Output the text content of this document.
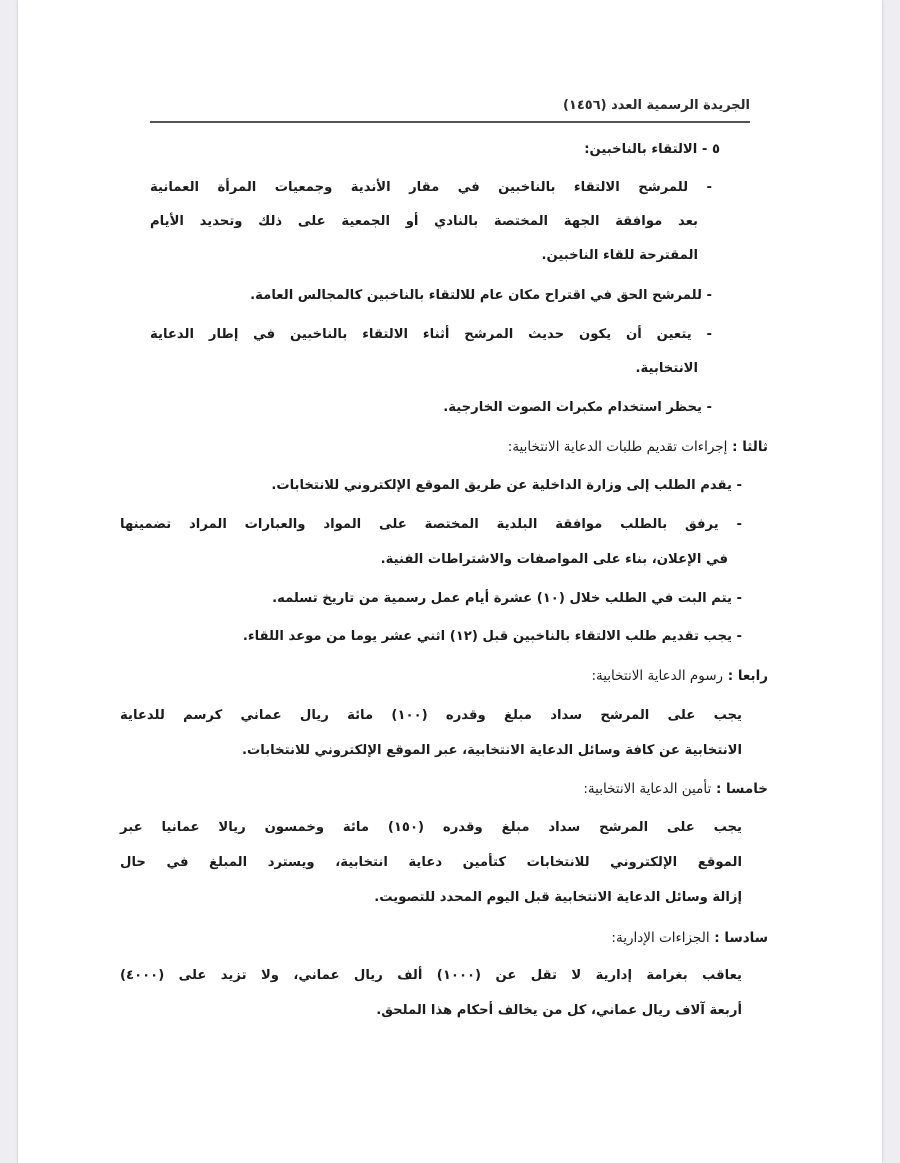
الجريدة الرسمية العدد (١٤٥٦)
٥ - الالتقاء بالناخبين:
- للمرشح الالتقاء بالناخبين في مقار الأندية وجمعيات المرأة العمانية
بعد موافقة الجهة المختصة بالنادي أو الجمعية على ذلك وتحديد الأيام
المقترحة للقاء الناخبين.
- للمرشح الحق في اقتراح مكان عام للالتقاء بالناخبين كالمجالس العامة.
- يتعين أن يكون حديث المرشح أثناء الالتقاء بالناخبين في إطار الدعاية
الانتخابية.
- يحظر استخدام مكبرات الصوت الخارجية.
ثالثا : إجراءات تقديم طلبات الدعاية الانتخابية:
- يقدم الطلب إلى وزارة الداخلية عن طريق الموقع الإلكتروني للانتخابات.
- يرفق بالطلب موافقة البلدية المختصة على المواد والعبارات المراد تضمينها
في الإعلان، بناء على المواصفات والاشتراطات الفنية.
- يتم البت في الطلب خلال (١٠) عشرة أيام عمل رسمية من تاريخ تسلمه.
- يجب تقديم طلب الالتقاء بالناخبين قبل (١٢) اثني عشر يوما من موعد اللقاء.
رابعا : رسوم الدعاية الانتخابية:
يجب على المرشح سداد مبلغ وقدره (١٠٠) مائة ريال عماني كرسم للدعاية
الانتخابية عن كافة وسائل الدعاية الانتخابية، عبر الموقع الإلكتروني للانتخابات.
خامسا : تأمين الدعاية الانتخابية:
يجب على المرشح سداد مبلغ وقدره (١٥٠) مائة وخمسون ريالا عمانيا عبر
الموقع الإلكتروني للانتخابات كتأمين دعاية انتخابية، ويسترد المبلغ في حال
إزالة وسائل الدعاية الانتخابية قبل اليوم المحدد للتصويت.
سادسا : الجزاءات الإدارية:
يعاقب بغرامة إدارية لا تقل عن (١٠٠٠) ألف ريال عماني، ولا تزيد على (٤٠٠٠)
أربعة آلاف ريال عماني، كل من يخالف أحكام هذا الملحق.
